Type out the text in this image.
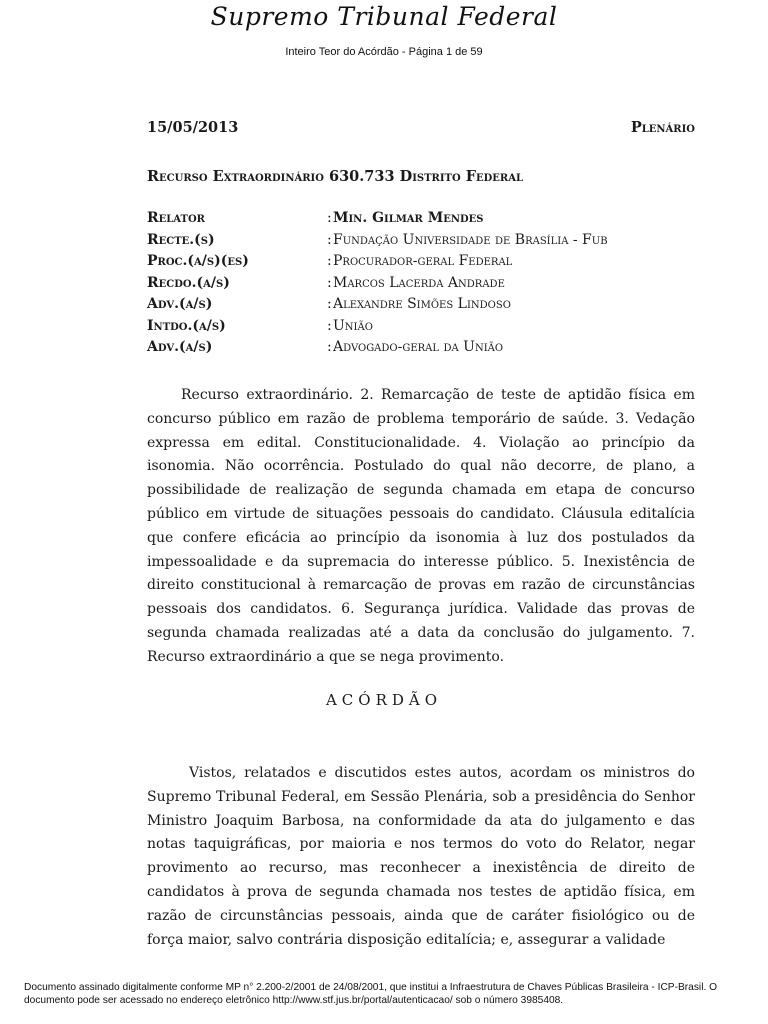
Supremo Tribunal Federal
Inteiro Teor do Acórdão - Página 1 de 59
15/05/2013	Plenário
Recurso Extraordinário 630.733 Distrito Federal
Relator	: Min. Gilmar Mendes
Recte.(s)	: Fundação Universidade de Brasília - Fub
Proc.(a/s)(es)	: Procurador-geral Federal
Recdo.(a/s)	: Marcos Lacerda Andrade
Adv.(a/s)	: Alexandre Simões Lindoso
Intdo.(a/s)	: União
Adv.(a/s)	: Advogado-geral da União

Recurso extraordinário. 2. Remarcação de teste de aptidão física em concurso público em razão de problema temporário de saúde. 3. Vedação expressa em edital. Constitucionalidade. 4. Violação ao princípio da isonomia. Não ocorrência. Postulado do qual não decorre, de plano, a possibilidade de realização de segunda chamada em etapa de concurso público em virtude de situações pessoais do candidato. Cláusula editalícia que confere eficácia ao princípio da isonomia à luz dos postulados da impessoalidade e da supremacia do interesse público. 5. Inexistência de direito constitucional à remarcação de provas em razão de circunstâncias pessoais dos candidatos. 6. Segurança jurídica. Validade das provas de segunda chamada realizadas até a data da conclusão do julgamento. 7. Recurso extraordinário a que se nega provimento.

ACÓRDÃO

Vistos, relatados e discutidos estes autos, acordam os ministros do Supremo Tribunal Federal, em Sessão Plenária, sob a presidência do Senhor Ministro Joaquim Barbosa, na conformidade da ata do julgamento e das notas taquigráficas, por maioria e nos termos do voto do Relator, negar provimento ao recurso, mas reconhecer a inexistência de direito de candidatos à prova de segunda chamada nos testes de aptidão física, em razão de circunstâncias pessoais, ainda que de caráter fisiológico ou de força maior, salvo contrária disposição editalícia; e, assegurar a validade

Documento assinado digitalmente conforme MP n° 2.200-2/2001 de 24/08/2001, que institui a Infraestrutura de Chaves Públicas Brasileira - ICP-Brasil. O documento pode ser acessado no endereço eletrônico http://www.stf.jus.br/portal/autenticacao/ sob o número 3985408.
